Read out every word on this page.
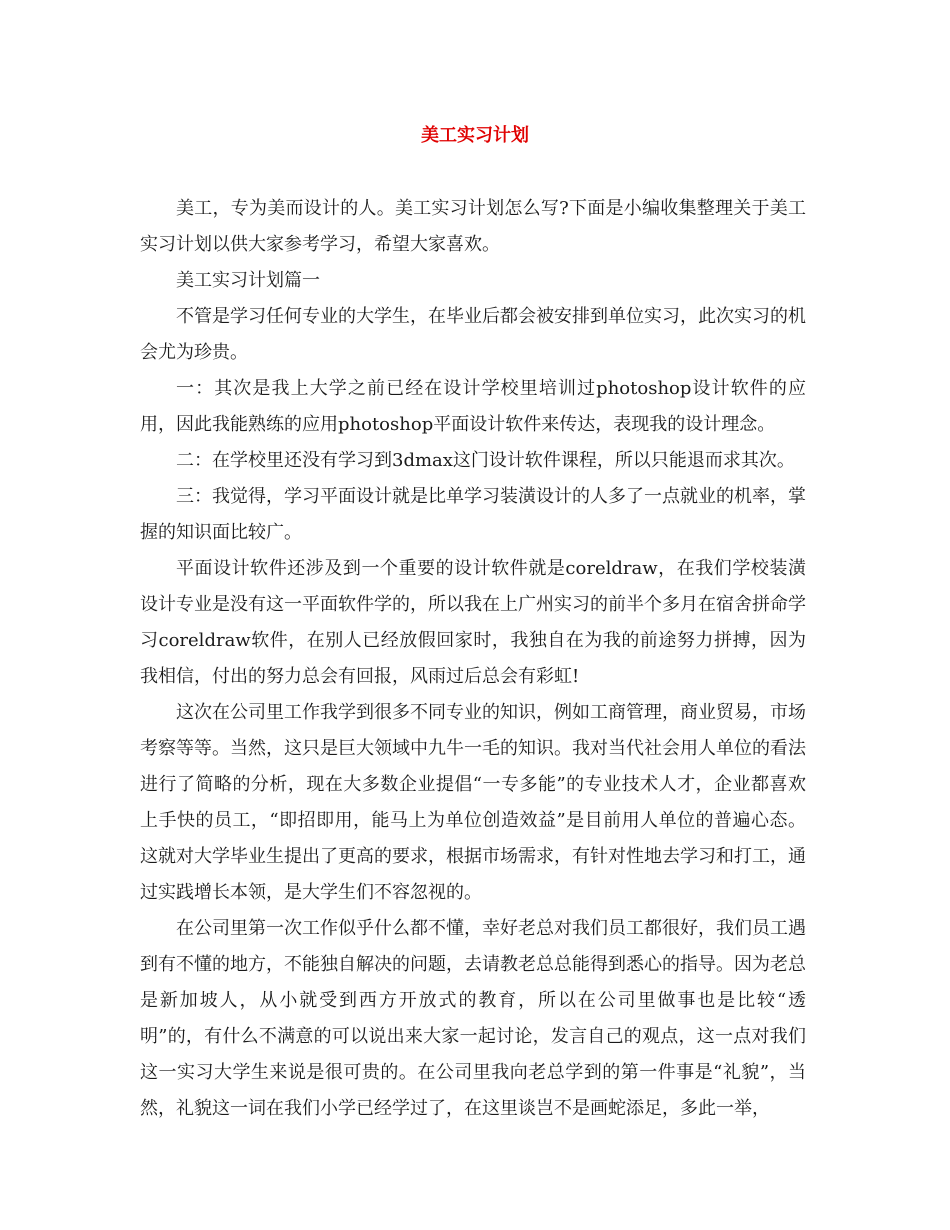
美工实习计划

美工，专为美而设计的人。美工实习计划怎么写?下面是小编收集整理关于美工实习计划以供大家参考学习，希望大家喜欢。

美工实习计划篇一

不管是学习任何专业的大学生，在毕业后都会被安排到单位实习，此次实习的机会尤为珍贵。

一：其次是我上大学之前已经在设计学校里培训过photoshop设计软件的应用，因此我能熟练的应用photoshop平面设计软件来传达，表现我的设计理念。

二：在学校里还没有学习到3dmax这门设计软件课程，所以只能退而求其次。

三：我觉得，学习平面设计就是比单学习装潢设计的人多了一点就业的机率，掌握的知识面比较广。

平面设计软件还涉及到一个重要的设计软件就是coreldraw，在我们学校装潢设计专业是没有这一平面软件学的，所以我在上广州实习的前半个多月在宿舍拼命学习coreldraw软件，在别人已经放假回家时，我独自在为我的前途努力拼搏，因为我相信，付出的努力总会有回报，风雨过后总会有彩虹!

这次在公司里工作我学到很多不同专业的知识，例如工商管理，商业贸易，市场考察等等。当然，这只是巨大领域中九牛一毛的知识。我对当代社会用人单位的看法进行了简略的分析，现在大多数企业提倡“一专多能”的专业技术人才，企业都喜欢上手快的员工，“即招即用，能马上为单位创造效益”是目前用人单位的普遍心态。这就对大学毕业生提出了更高的要求，根据市场需求，有针对性地去学习和打工，通过实践增长本领，是大学生们不容忽视的。

在公司里第一次工作似乎什么都不懂，幸好老总对我们员工都很好，我们员工遇到有不懂的地方，不能独自解决的问题，去请教老总总能得到悉心的指导。因为老总是新加坡人，从小就受到西方开放式的教育，所以在公司里做事也是比较“透明”的，有什么不满意的可以说出来大家一起讨论，发言自己的观点，这一点对我们这一实习大学生来说是很可贵的。在公司里我向老总学到的第一件事是“礼貌”，当然，礼貌这一词在我们小学已经学过了，在这里谈岂不是画蛇添足，多此一举，
